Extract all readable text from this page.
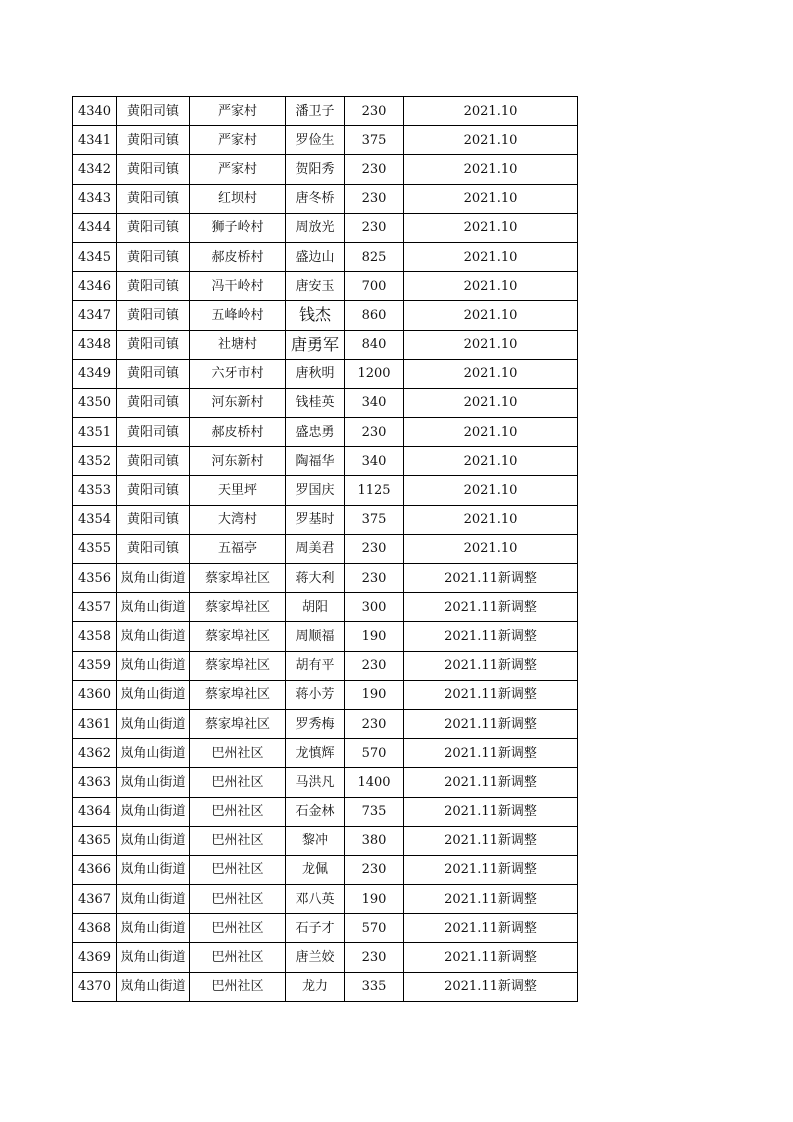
4340	黄阳司镇	严家村	潘卫子	230	2021.10
4341	黄阳司镇	严家村	罗俭生	375	2021.10
4342	黄阳司镇	严家村	贺阳秀	230	2021.10
4343	黄阳司镇	红坝村	唐冬桥	230	2021.10
4344	黄阳司镇	狮子岭村	周放光	230	2021.10
4345	黄阳司镇	郝皮桥村	盛边山	825	2021.10
4346	黄阳司镇	冯干岭村	唐安玉	700	2021.10
4347	黄阳司镇	五峰岭村	钱杰	860	2021.10
4348	黄阳司镇	社塘村	唐勇军	840	2021.10
4349	黄阳司镇	六牙市村	唐秋明	1200	2021.10
4350	黄阳司镇	河东新村	钱桂英	340	2021.10
4351	黄阳司镇	郝皮桥村	盛忠勇	230	2021.10
4352	黄阳司镇	河东新村	陶福华	340	2021.10
4353	黄阳司镇	天里坪	罗国庆	1125	2021.10
4354	黄阳司镇	大湾村	罗基时	375	2021.10
4355	黄阳司镇	五福亭	周美君	230	2021.10
4356	岚角山街道	蔡家埠社区	蒋大利	230	2021.11新调整
4357	岚角山街道	蔡家埠社区	胡阳	300	2021.11新调整
4358	岚角山街道	蔡家埠社区	周顺福	190	2021.11新调整
4359	岚角山街道	蔡家埠社区	胡有平	230	2021.11新调整
4360	岚角山街道	蔡家埠社区	蒋小芳	190	2021.11新调整
4361	岚角山街道	蔡家埠社区	罗秀梅	230	2021.11新调整
4362	岚角山街道	巴州社区	龙慎辉	570	2021.11新调整
4363	岚角山街道	巴州社区	马洪凡	1400	2021.11新调整
4364	岚角山街道	巴州社区	石金林	735	2021.11新调整
4365	岚角山街道	巴州社区	黎冲	380	2021.11新调整
4366	岚角山街道	巴州社区	龙佩	230	2021.11新调整
4367	岚角山街道	巴州社区	邓八英	190	2021.11新调整
4368	岚角山街道	巴州社区	石子才	570	2021.11新调整
4369	岚角山街道	巴州社区	唐兰姣	230	2021.11新调整
4370	岚角山街道	巴州社区	龙力	335	2021.11新调整
